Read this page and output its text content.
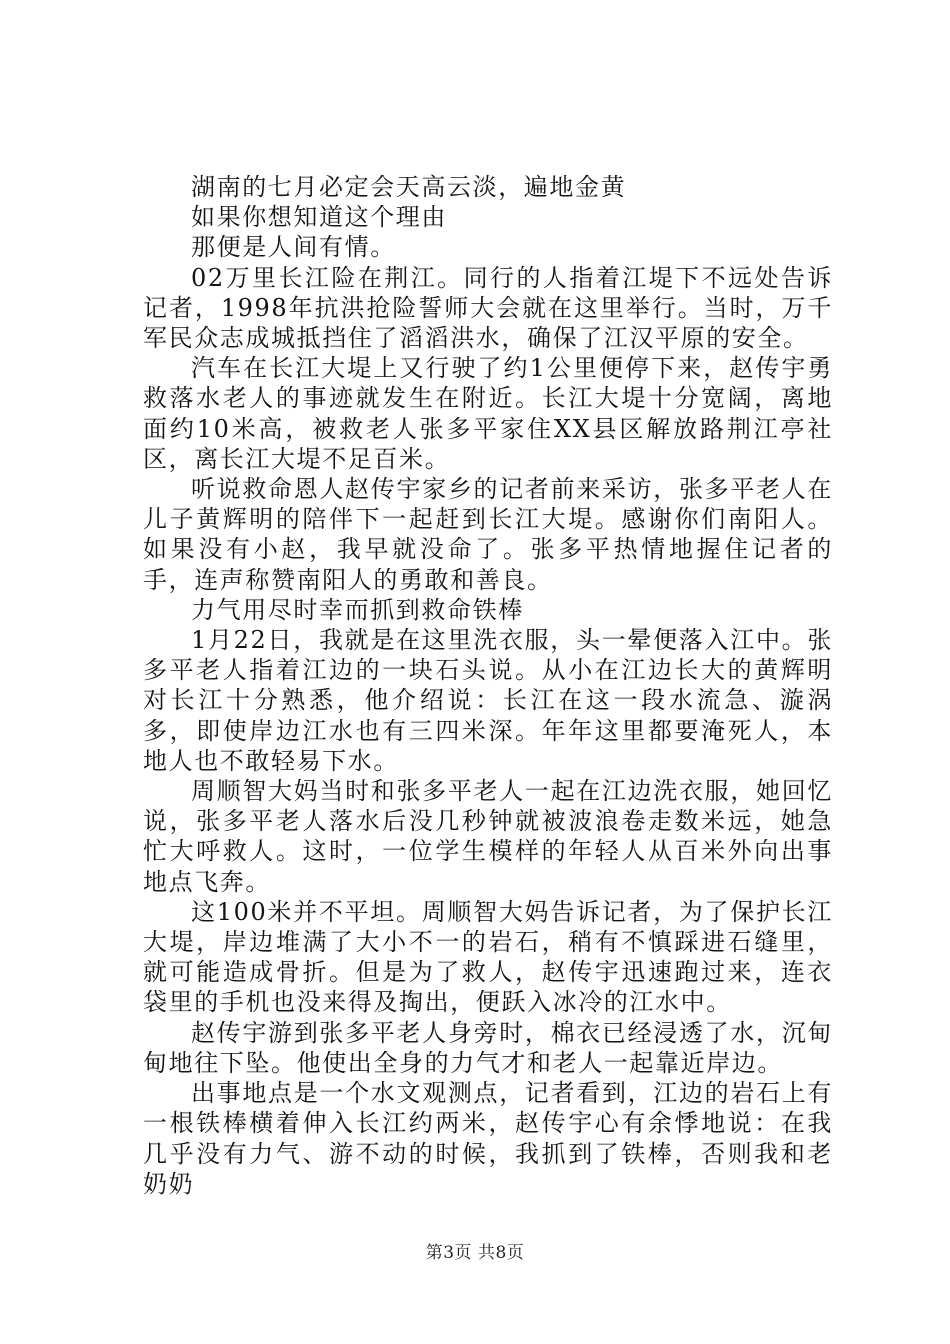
湖南的七月必定会天高云淡，遍地金黄

如果你想知道这个理由

那便是人间有情。

02万里长江险在荆江。同行的人指着江堤下不远处告诉记者，1998年抗洪抢险誓师大会就在这里举行。当时，万千军民众志成城抵挡住了滔滔洪水，确保了江汉平原的安全。

汽车在长江大堤上又行驶了约1公里便停下来，赵传宇勇救落水老人的事迹就发生在附近。长江大堤十分宽阔，离地面约10米高，被救老人张多平家住XX县区解放路荆江亭社区，离长江大堤不足百米。

听说救命恩人赵传宇家乡的记者前来采访，张多平老人在儿子黄辉明的陪伴下一起赶到长江大堤。感谢你们南阳人。如果没有小赵，我早就没命了。张多平热情地握住记者的手，连声称赞南阳人的勇敢和善良。

力气用尽时幸而抓到救命铁棒

1月22日，我就是在这里洗衣服，头一晕便落入江中。张多平老人指着江边的一块石头说。从小在江边长大的黄辉明对长江十分熟悉，他介绍说：长江在这一段水流急、漩涡多，即使岸边江水也有三四米深。年年这里都要淹死人，本地人也不敢轻易下水。

周顺智大妈当时和张多平老人一起在江边洗衣服，她回忆说，张多平老人落水后没几秒钟就被波浪卷走数米远，她急忙大呼救人。这时，一位学生模样的年轻人从百米外向出事地点飞奔。

这100米并不平坦。周顺智大妈告诉记者，为了保护长江大堤，岸边堆满了大小不一的岩石，稍有不慎踩进石缝里，就可能造成骨折。但是为了救人，赵传宇迅速跑过来，连衣袋里的手机也没来得及掏出，便跃入冰冷的江水中。

赵传宇游到张多平老人身旁时，棉衣已经浸透了水，沉甸甸地往下坠。他使出全身的力气才和老人一起靠近岸边。

出事地点是一个水文观测点，记者看到，江边的岩石上有一根铁棒横着伸入长江约两米，赵传宇心有余悸地说：在我几乎没有力气、游不动的时候，我抓到了铁棒，否则我和老奶奶

第3页 共8页
